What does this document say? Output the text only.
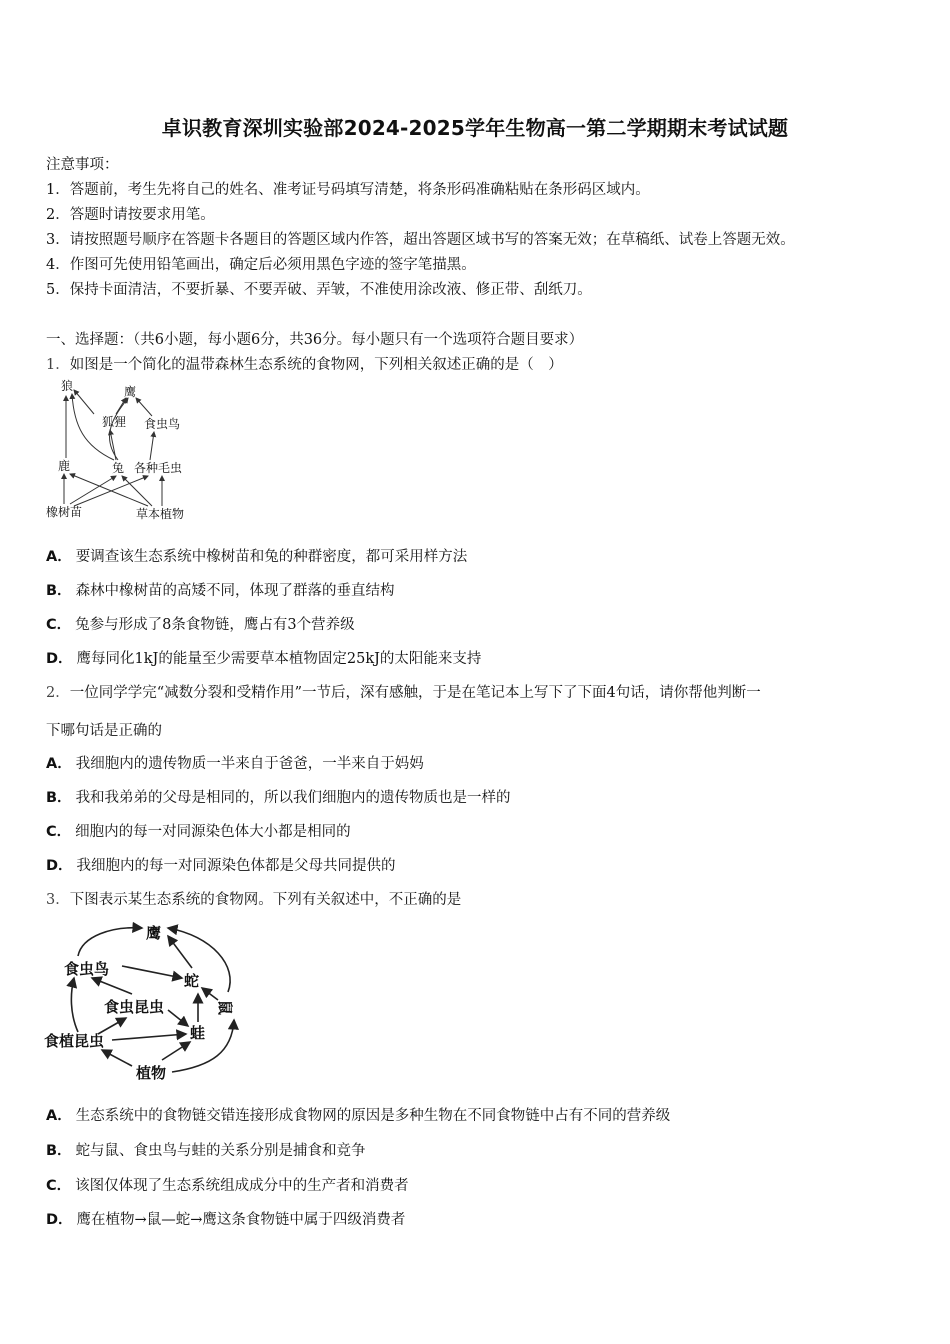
卓识教育深圳实验部2024-2025学年生物高一第二学期期末考试试题
注意事项：
1．答题前，考生先将自己的姓名、准考证号码填写清楚，将条形码准确粘贴在条形码区域内。
2．答题时请按要求用笔。
3．请按照题号顺序在答题卡各题目的答题区域内作答，超出答题区域书写的答案无效；在草稿纸、试卷上答题无效。
4．作图可先使用铅笔画出，确定后必须用黑色字迹的签字笔描黑。
5．保持卡面清洁，不要折暴、不要弄破、弄皱，不准使用涂改液、修正带、刮纸刀。
一、选择题：（共6小题，每小题6分，共36分。每小题只有一个选项符合题目要求）
1．如图是一个简化的温带森林生态系统的食物网，下列相关叙述正确的是（　）
狼	鹰
狐狸 食虫鸟
鹿	兔 各种毛虫
橡树苗	草本植物
A． 要调查该生态系统中橡树苗和兔的种群密度，都可采用样方法
B． 森林中橡树苗的高矮不同，体现了群落的垂直结构
C． 兔参与形成了8条食物链，鹰占有3个营养级
D． 鹰每同化1kJ的能量至少需要草本植物固定25kJ的太阳能来支持
2．一位同学学完“减数分裂和受精作用”一节后，深有感触，于是在笔记本上写下了下面4句话，请你帮他判断一
下哪句话是正确的
A． 我细胞内的遗传物质一半来自于爸爸，一半来自于妈妈
B． 我和我弟弟的父母是相同的，所以我们细胞内的遗传物质也是一样的
C． 细胞内的每一对同源染色体大小都是相同的
D． 我细胞内的每一对同源染色体都是父母共同提供的
3．下图表示某生态系统的食物网。下列有关叙述中，不正确的是
鹰
食虫鸟
蛇
食虫昆虫
蛙
食植昆虫
植物
鼠
A． 生态系统中的食物链交错连接形成食物网的原因是多种生物在不同食物链中占有不同的营养级
B． 蛇与鼠、食虫鸟与蛙的关系分别是捕食和竞争
C． 该图仅体现了生态系统组成成分中的生产者和消费者
D． 鹰在植物→鼠—蛇→鹰这条食物链中属于四级消费者
